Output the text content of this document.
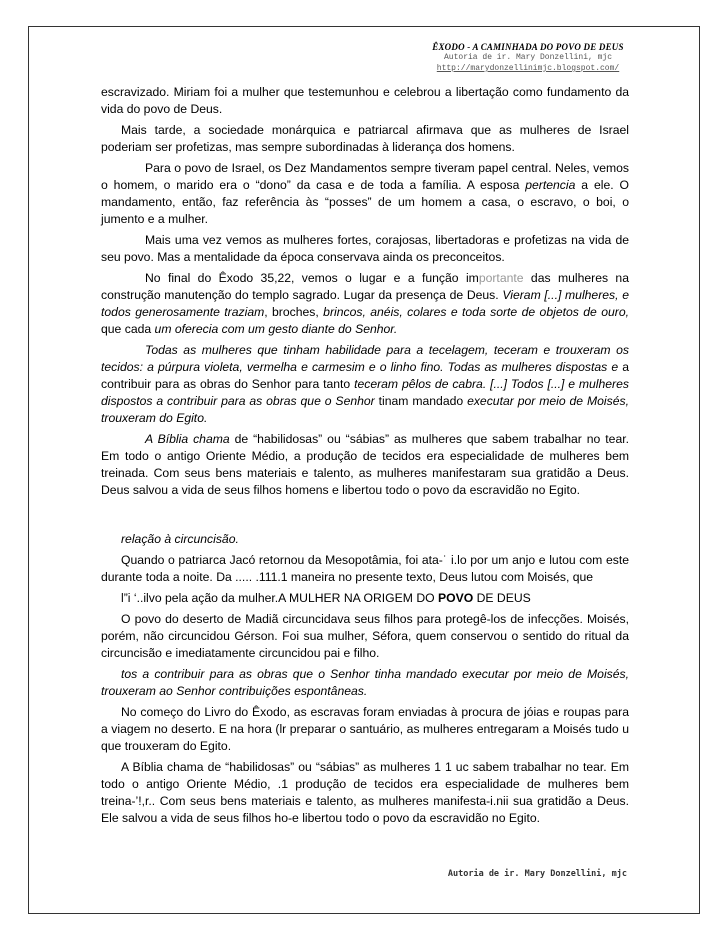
ÊXODO - A CAMINHADA DO POVO DE DEUS
Autoria de ir. Mary Donzellini, mjc
http://marydonzellinimjc.blogspot.com/

escravizado. Miriam foi a mulher que testemunhou e celebrou a libertação como fundamento da vida do povo de Deus.

Mais tarde, a sociedade monárquica e patriarcal afirmava que as mulheres de Israel poderiam ser profetizas, mas sempre subordinadas à liderança dos homens.

Para o povo de Israel, os Dez Mandamentos sempre tiveram papel central. Neles, vemos o homem, o marido era o “dono” da casa e de toda a família. A esposa pertencia a ele. O mandamento, então, faz referência às “posses” de um homem a casa, o escravo, o boi, o jumento e a mulher.

Mais uma vez vemos as mulheres fortes, corajosas, libertadoras e profetizas na vida de seu povo. Mas a mentalidade da época conservava ainda os preconceitos.

No final do Êxodo 35,22, vemos o lugar e a função importante das mulheres na construção manutenção do templo sagrado. Lugar da presença de Deus. Vieram [...] mulheres, e todos generosamente traziam, broches, brincos, anéis, colares e toda sorte de objetos de ouro, que cada um oferecia com um gesto diante do Senhor.

Todas as mulheres que tinham habilidade para a tecelagem, teceram e trouxeram os tecidos: a púrpura violeta, vermelha e carmesim e o linho fino. Todas as mulheres dispostas e a contribuir para as obras do Senhor para tanto teceram pêlos de cabra. [...] Todos [...] e mulheres dispostos a contribuir para as obras que o Senhor tinam mandado executar por meio de Moisés, trouxeram do Egito.

A Bíblia chama de “habilidosas” ou “sábias” as mulheres que sabem trabalhar no tear. Em todo o antigo Oriente Médio, a produção de tecidos era especialidade de mulheres bem treinada. Com seus bens materiais e talento, as mulheres manifestaram sua gratidão a Deus. Deus salvou a vida de seus filhos homens e libertou todo o povo da escravidão no Egito.

relação à circuncisão.

Quando o patriarca Jacó retornou da Mesopotâmia, foi ata-˙ i.lo por um anjo e lutou com este durante toda a noite. Da ..... .111.1 maneira no presente texto, Deus lutou com Moisés, que

l”i ‘..ilvo pela ação da mulher.A MULHER NA ORIGEM DO POVO DE DEUS

O povo do deserto de Madiã circuncidava seus filhos para protegê-los de infecções. Moisés, porém, não circuncidou Gérson. Foi sua mulher, Séfora, quem conservou o sentido do ritual da circuncisão e imediatamente circuncidou pai e filho.

tos a contribuir para as obras que o Senhor tinha mandado executar por meio de Moisés, trouxeram ao Senhor contribuições espontâneas.

No começo do Livro do Êxodo, as escravas foram enviadas à procura de jóias e roupas para a viagem no deserto. E na hora (lr preparar o santuário, as mulheres entregaram a Moisés tudo u que trouxeram do Egito.

A Bíblia chama de “habilidosas” ou “sábias” as mulheres 1 1 uc sabem trabalhar no tear. Em todo o antigo Oriente Médio, .1 produção de tecidos era especialidade de mulheres bem treina-’!,r.. Com seus bens materiais e talento, as mulheres manifesta-i.nii sua gratidão a Deus. Ele salvou a vida de seus filhos ho-e libertou todo o povo da escravidão no Egito.

Autoria de ir. Mary Donzellini, mjc
